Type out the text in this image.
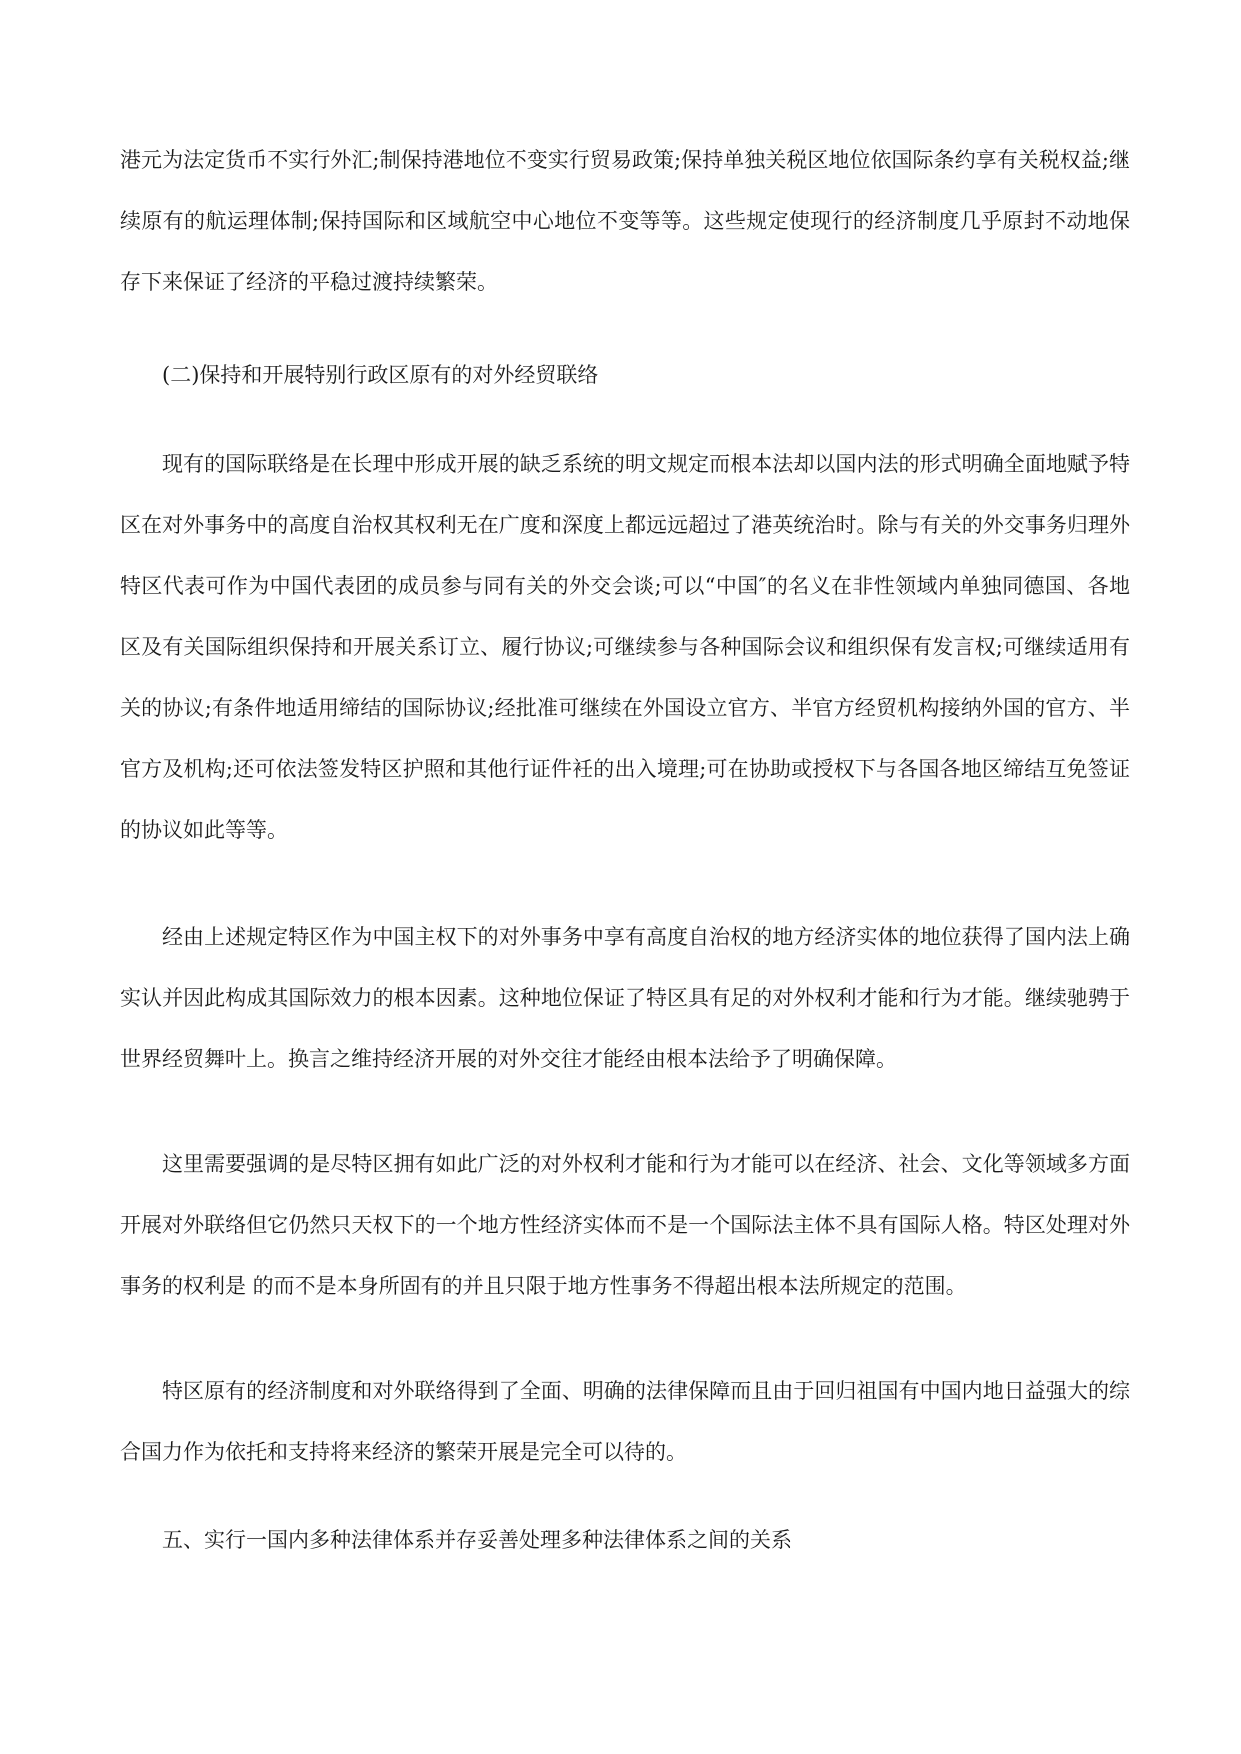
港元为法定货币不实行外汇;制保持港地位不变实行贸易政策;保持单独关税区地位依国际条约享有关税权益;继续原有的航运理体制;保持国际和区域航空中心地位不变等等。这些规定使现行的经济制度几乎原封不动地保存下来保证了经济的平稳过渡持续繁荣。

(二)保持和开展特别行政区原有的对外经贸联络

现有的国际联络是在长理中形成开展的缺乏系统的明文规定而根本法却以国内法的形式明确全面地赋予特区在对外事务中的高度自治权其权利无在广度和深度上都远远超过了港英统治时。除与有关的外交事务归理外特区代表可作为中国代表团的成员参与同有关的外交会谈;可以“中国″的名义在非性领域内单独同德国、各地区及有关国际组织保持和开展关系订立、履行协议;可继续参与各种国际会议和组织保有发言权;可继续适用有关的协议;有条件地适用缔结的国际协议;经批准可继续在外国设立官方、半官方经贸机构接纳外国的官方、半官方及机构;还可依法签发特区护照和其他行证件衽的出入境理;可在协助或授权下与各国各地区缔结互免签证的协议如此等等。

经由上述规定特区作为中国主权下的对外事务中享有高度自治权的地方经济实体的地位获得了国内法上确实认并因此构成其国际效力的根本因素。这种地位保证了特区具有足的对外权利才能和行为才能。继续驰骋于世界经贸舞叶上。换言之维持经济开展的对外交往才能经由根本法给予了明确保障。

这里需要强调的是尽特区拥有如此广泛的对外权利才能和行为才能可以在经济、社会、文化等领域多方面开展对外联络但它仍然只天权下的一个地方性经济实体而不是一个国际法主体不具有国际人格。特区处理对外事务的权利是 的而不是本身所固有的并且只限于地方性事务不得超出根本法所规定的范围。

特区原有的经济制度和对外联络得到了全面、明确的法律保障而且由于回归祖国有中国内地日益强大的综合国力作为依托和支持将来经济的繁荣开展是完全可以待的。

五、实行一国内多种法律体系并存妥善处理多种法律体系之间的关系
